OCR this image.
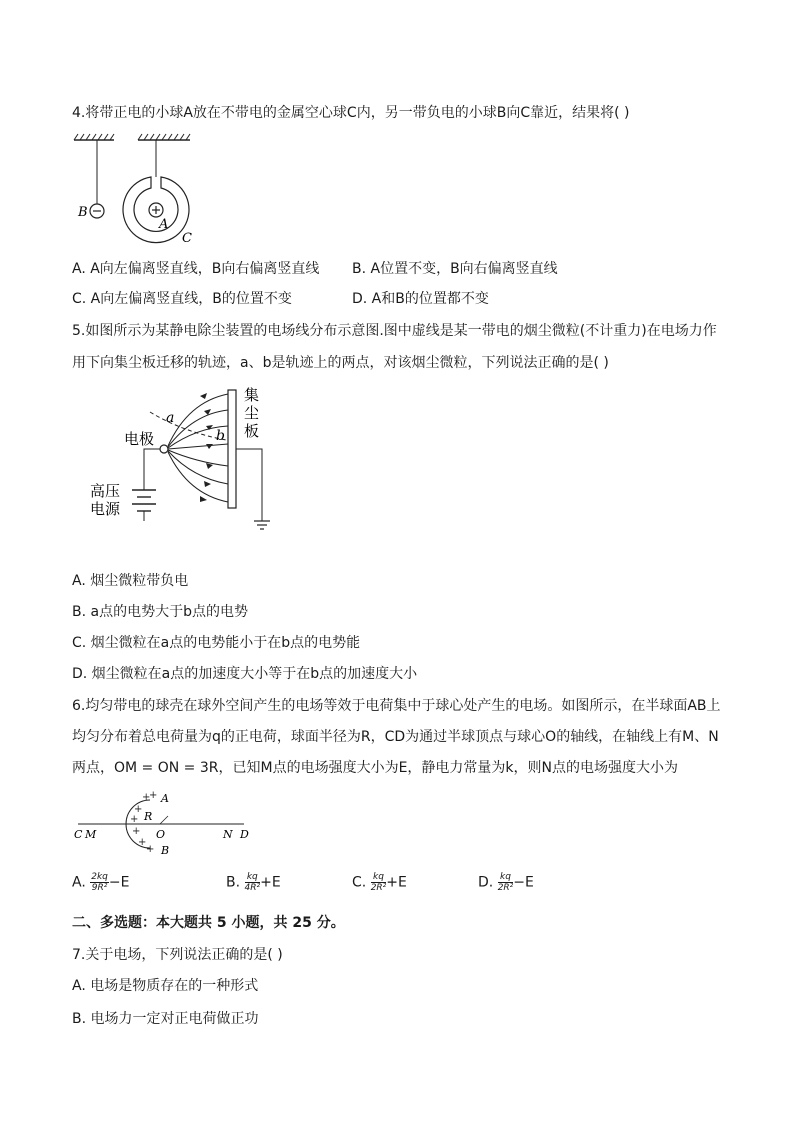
4.将带正电的小球A放在不带电的金属空心球C内，另一带负电的小球B向C靠近，结果将( )
B
A
C
A. A向左偏离竖直线，B向右偏离竖直线 B. A位置不变，B向右偏离竖直线
C. A向左偏离竖直线，B的位置不变	D. A和B的位置都不变
5.如图所示为某静电除尘装置的电场线分布示意图.图中虚线是某一带电的烟尘微粒(不计重力)在电场力作
用下向集尘板迁移的轨迹，a、b是轨迹上的两点，对该烟尘微粒，下列说法正确的是( )
集
尘
板
电极
a
b
高压
电源
A. 烟尘微粒带负电
B. a点的电势大于b点的电势
C. 烟尘微粒在a点的电势能小于在b点的电势能
D. 烟尘微粒在a点的加速度大小等于在b点的加速度大小
6.均匀带电的球壳在球外空间产生的电场等效于电荷集中于球心处产生的电场。如图所示，在半球面AB上
均匀分布着总电荷量为q的正电荷，球面半径为R，CD为通过半球顶点与球心O的轴线，在轴线上有M、N
两点，OM = ON = 3R，已知M点的电场强度大小为E，静电力常量为k，则N点的电场强度大小为
+
+
+
+
+
+
+
A
B
R
C M	O	N D
A. $\frac{2kq}{\text{9R²}} -E$	B. $\frac{kq}{\text{4R²}} +E$	C. $\frac{kq}{\text{2R²}} +E$	D. $\frac{kq}{\text{2R²}} -E$
二、多选题：本大题共 5 小题，共 25 分。
7.关于电场，下列说法正确的是( )
A. 电场是物质存在的一种形式
B. 电场力一定对正电荷做正功
